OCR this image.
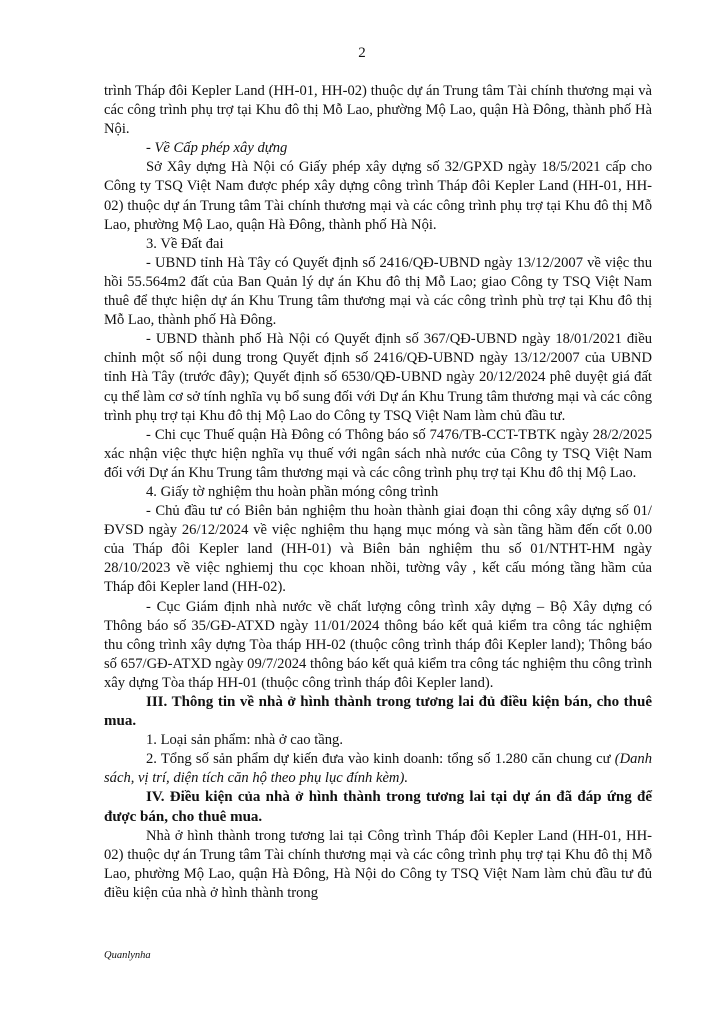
2

trình Tháp đôi Kepler Land (HH-01, HH-02) thuộc dự án Trung tâm Tài chính thương mại và các công trình phụ trợ tại Khu đô thị Mỗ Lao, phường Mộ Lao, quận Hà Đông, thành phố Hà Nội.

- Về Cấp phép xây dựng

Sở Xây dựng Hà Nội có Giấy phép xây dựng số 32/GPXD ngày 18/5/2021 cấp cho Công ty TSQ Việt Nam được phép xây dựng công trình Tháp đôi Kepler Land (HH-01, HH-02) thuộc dự án Trung tâm Tài chính thương mại và các công trình phụ trợ tại Khu đô thị Mỗ Lao, phường Mộ Lao, quận Hà Đông, thành phố Hà Nội.

3. Về Đất đai

- UBND tỉnh Hà Tây có Quyết định số 2416/QĐ-UBND ngày 13/12/2007 về việc thu hồi 55.564m2 đất của Ban Quản lý dự án Khu đô thị Mỗ Lao; giao Công ty TSQ Việt Nam thuê để thực hiện dự án Khu Trung tâm thương mại và các công trình phù trợ tại Khu đô thị Mỗ Lao, thành phố Hà Đông.

- UBND thành phố Hà Nội có Quyết định số 367/QĐ-UBND ngày 18/01/2021 điều chỉnh một số nội dung trong Quyết định số 2416/QĐ-UBND ngày 13/12/2007 của UBND tỉnh Hà Tây (trước đây); Quyết định số 6530/QĐ-UBND ngày 20/12/2024 phê duyệt giá đất cụ thể làm cơ sở tính nghĩa vụ bổ sung đối với Dự án Khu Trung tâm thương mại và các công trình phụ trợ tại Khu đô thị Mộ Lao do Công ty TSQ Việt Nam làm chủ đầu tư.

- Chi cục Thuế quận Hà Đông có Thông báo số 7476/TB-CCT-TBTK ngày 28/2/2025 xác nhận việc thực hiện nghĩa vụ thuế với ngân sách nhà nước của Công ty TSQ Việt Nam đối với Dự án Khu Trung tâm thương mại và các công trình phụ trợ tại Khu đô thị Mộ Lao.

4. Giấy tờ nghiệm thu hoàn phần móng công trình

- Chủ đầu tư có Biên bản nghiệm thu hoàn thành giai đoạn thi công xây dựng số 01/ĐVSD ngày 26/12/2024 về việc nghiệm thu hạng mục móng và sàn tầng hầm đến cốt 0.00 của Tháp đôi Kepler land (HH-01) và Biên bản nghiệm thu số 01/NTHT-HM ngày 28/10/2023 về việc nghiemj thu cọc khoan nhồi, tường vây , kết cấu móng tầng hầm của Tháp đôi Kepler land (HH-02).

- Cục Giám định nhà nước về chất lượng công trình xây dựng – Bộ Xây dựng có Thông báo số 35/GĐ-ATXD ngày 11/01/2024 thông báo kết quả kiểm tra công tác nghiệm thu công trình xây dựng Tòa tháp HH-02 (thuộc công trình tháp đôi Kepler land); Thông báo số 657/GĐ-ATXD ngày 09/7/2024 thông báo kết quả kiểm tra công tác nghiệm thu công trình xây dựng Tòa tháp HH-01 (thuộc công trình tháp đôi Kepler land).

III. Thông tin về nhà ở hình thành trong tương lai đủ điều kiện bán, cho thuê mua.

1. Loại sản phẩm: nhà ở cao tầng.

2. Tổng số sản phẩm dự kiến đưa vào kinh doanh: tổng số 1.280 căn chung cư (Danh sách, vị trí, diện tích căn hộ theo phụ lục đính kèm).

IV. Điều kiện của nhà ở hình thành trong tương lai tại dự án đã đáp ứng để được bán, cho thuê mua.

Nhà ở hình thành trong tương lai tại Công trình Tháp đôi Kepler Land (HH-01, HH-02) thuộc dự án Trung tâm Tài chính thương mại và các công trình phụ trợ tại Khu đô thị Mỗ Lao, phường Mộ Lao, quận Hà Đông, Hà Nội do Công ty TSQ Việt Nam làm chủ đầu tư đủ điều kiện của nhà ở hình thành trong

Quanlynha
